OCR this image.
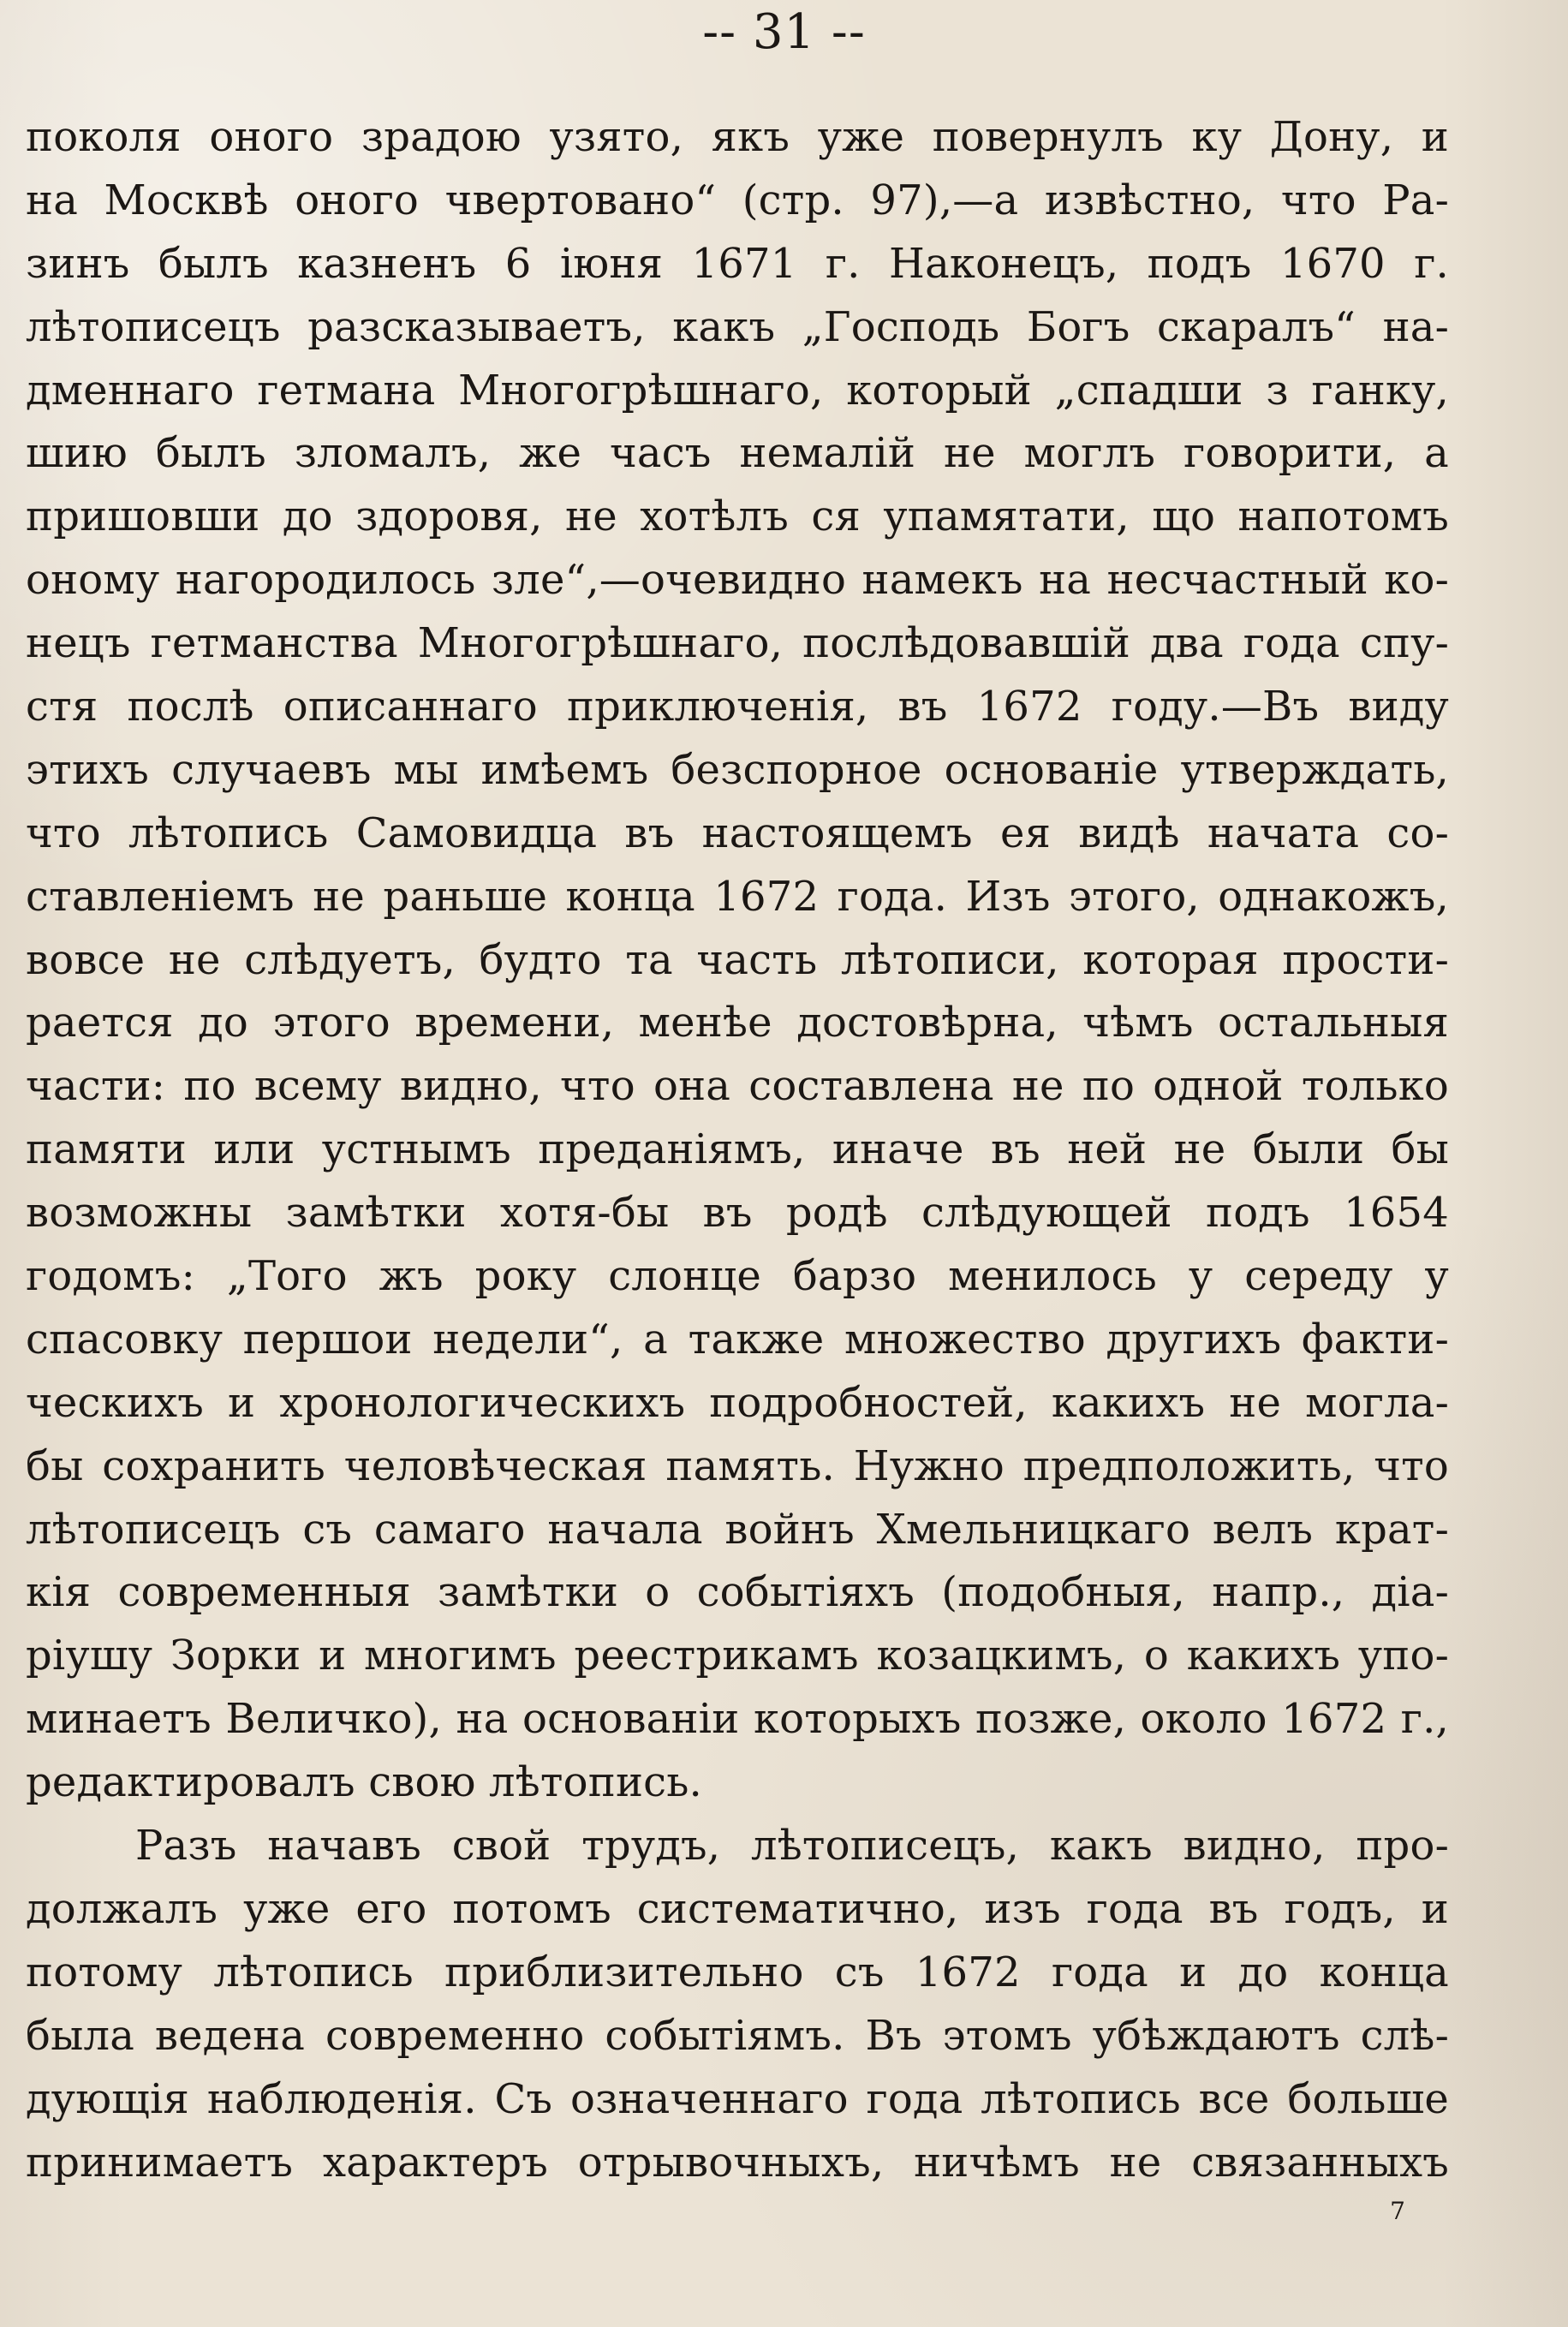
-- 31 --
поколя оного зрадою узято, якъ уже повернулъ ку Дону, и
на Москвѣ оного чвертовано“ (стр. 97),—а извѣстно, что Ра-
зинъ былъ казненъ 6 іюня 1671 г. Наконецъ, подъ 1670 г.
лѣтописецъ разсказываетъ, какъ „Господь Богъ скаралъ“ на-
дменнаго гетмана Многогрѣшнаго, который „спадши з ганку,
шию былъ зломалъ, же часъ немалій не моглъ говорити, а
пришовши до здоровя, не хотѣлъ ся упамятати, що напотомъ
оному нагородилось зле“,—очевидно намекъ на несчастный ко-
нецъ гетманства Многогрѣшнаго, послѣдовавшій два года спу-
стя послѣ описаннаго приключенія, въ 1672 году.—Въ виду
этихъ случаевъ мы имѣемъ безспорное основаніе утверждать,
что лѣтопись Самовидца въ настоящемъ ея видѣ начата со-
ставленіемъ не раньше конца 1672 года. Изъ этого, однакожъ,
вовсе не слѣдуетъ, будто та часть лѣтописи, которая прости-
рается до этого времени, менѣе достовѣрна, чѣмъ остальныя
части: по всему видно, что она составлена не по одной только
памяти или устнымъ преданіямъ, иначе въ ней не были бы
возможны замѣтки хотя-бы въ родѣ слѣдующей подъ 1654
годомъ: „Того жъ року слонце барзо менилось у середу у
спасовку першои недели“, а также множество другихъ факти-
ческихъ и хронологическихъ подробностей, какихъ не могла-
бы сохранить человѣческая память. Нужно предположить, что
лѣтописецъ съ самаго начала войнъ Хмельницкаго велъ крат-
кія современныя замѣтки о событіяхъ (подобныя, напр., діа-
ріушу Зорки и многимъ реестрикамъ козацкимъ, о какихъ упо-
минаетъ Величко), на основаніи которыхъ позже, около 1672 г.,
редактировалъ свою лѣтопись.
Разъ начавъ свой трудъ, лѣтописецъ, какъ видно, про-
должалъ уже его потомъ систематично, изъ года въ годъ, и
потому лѣтопись приблизительно съ 1672 года и до конца
была ведена современно событіямъ. Въ этомъ убѣждаютъ слѣ-
дующія наблюденія. Съ означеннаго года лѣтопись все больше
принимаетъ характеръ отрывочныхъ, ничѣмъ не связанныхъ
7
